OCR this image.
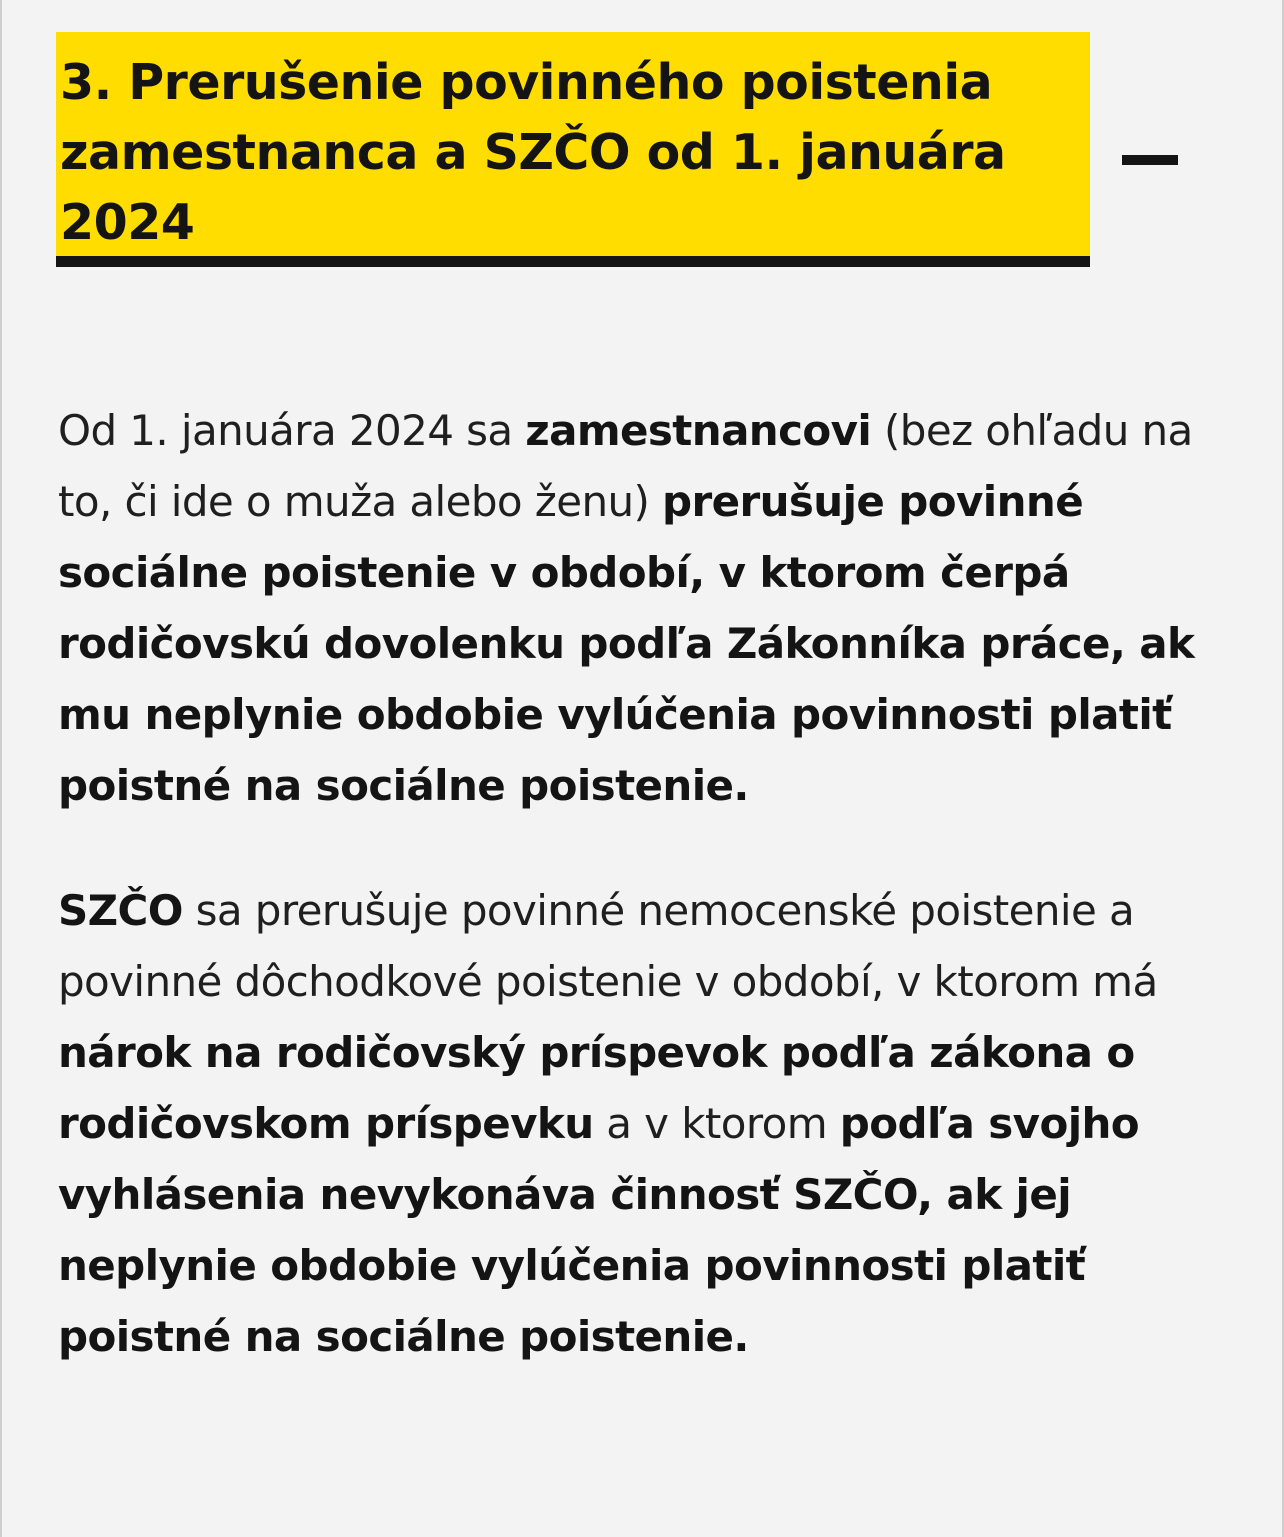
3. Prerušenie povinného poistenia zamestnanca a SZČO od 1. januára 2024

Od 1. januára 2024 sa zamestnancovi (bez ohľadu na to, či ide o muža alebo ženu) prerušuje povinné sociálne poistenie v období, v ktorom čerpá rodičovskú dovolenku podľa Zákonníka práce, ak mu neplynie obdobie vylúčenia povinnosti platiť poistné na sociálne poistenie.

SZČO sa prerušuje povinné nemocenské poistenie a povinné dôchodkové poistenie v období, v ktorom má nárok na rodičovský príspevok podľa zákona o rodičovskom príspevku a v ktorom podľa svojho vyhlásenia nevykonáva činnosť SZČO, ak jej neplynie obdobie vylúčenia povinnosti platiť poistné na sociálne poistenie.
